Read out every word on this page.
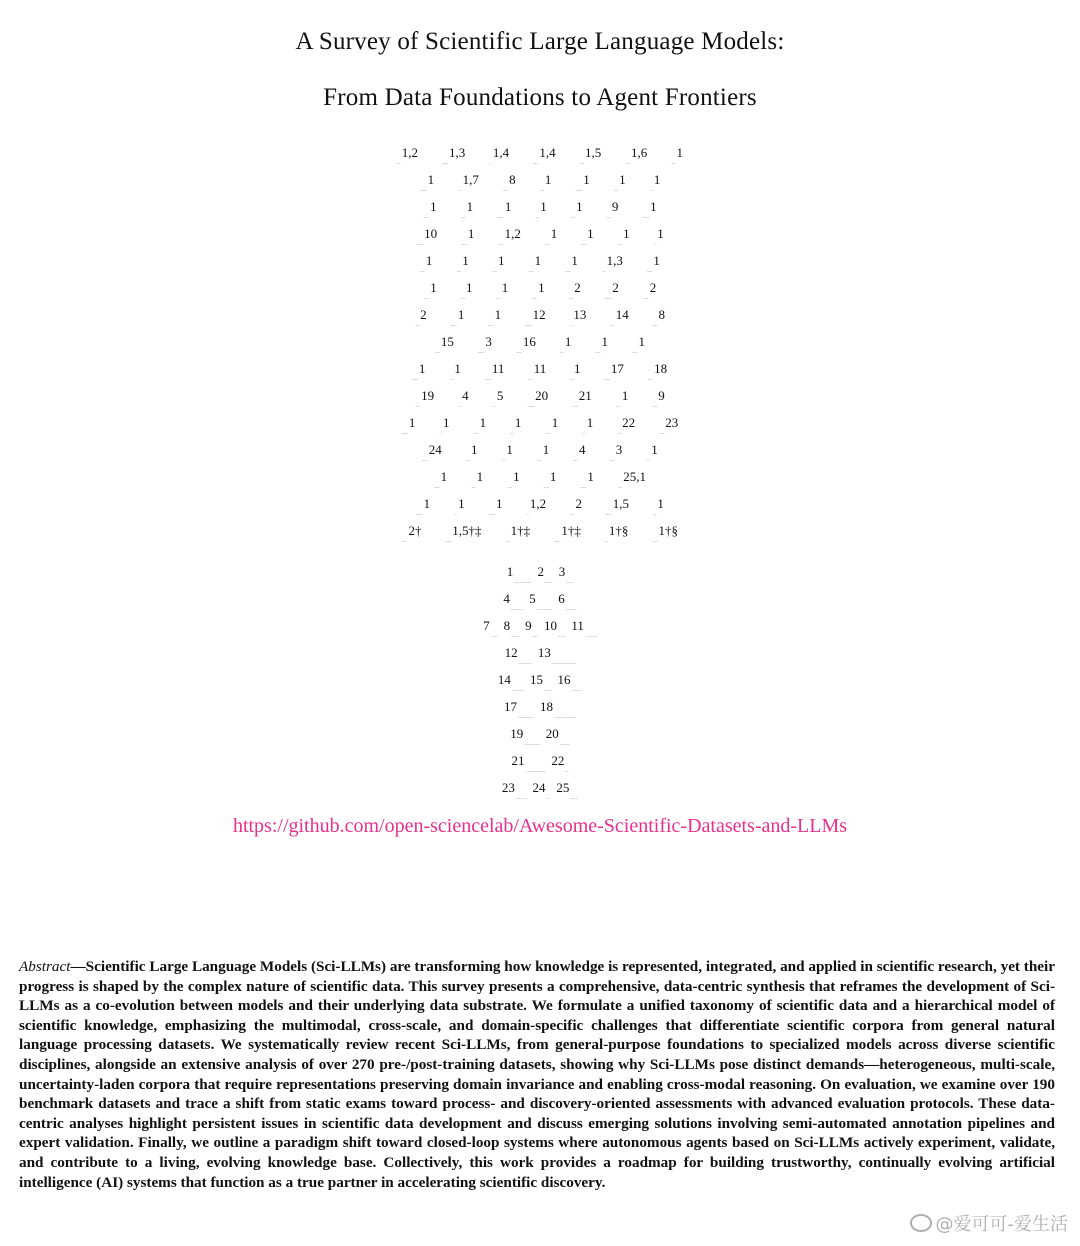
A Survey of Scientific Large Language Models:
From Data Foundations to Agent Frontiers
Ming Hu$^{1,2}$Chenglong Ma$^{1,3}$Wei Li$^{1,4}$Wanghan Xu$^{1,4}$Jiamin Wu$^{1,5}$Jucheng Hu$^{1,6}$Tianbin Li$^1$
Guohang Zhuang$^1$Jiaqi Liu$^{1,7}$Yingzhou Lu$^8$Ying Chen$^1$Chaoyang Zhang$^1$Cheng Tan$^1$Jie Ying$^1$
Guocheng Wu$^1$Shujian Gao$^1$Pengcheng Chen$^1$Jiashi Lin$^1$Haitao Wu$^1$Lulu Chen$^9$Fengxiang Wang$^1$
Yuanyuan Zhang$^{10}$Xiangyu Zhao$^1$Feilong Tang$^{1,2}$Encheng Su$^1$Junzhi Ning$^1$Xinyao Liu$^1$Ye Du$^1$
Changkai Ji$^1$Cheng Tang$^1$Huihui Xu$^1$Ziyang Chen$^1$Ziyan Huang$^1$Jiyao Liu$^{1,3}$Pengfei Jiang$^1$
Yizhou Wang$^1$Chen Tang$^1$Jianyu Wu$^1$Yuchen Ren$^1$Siyuan Yan$^2$Zhonghua Wang$^2$Zhongxing Xu$^2$
Shiyan Su$^2$Shangquan Sun$^1$Runkai Zhao$^1$Zhisheng Zhang$^{12}$Yu Liu$^{13}$Fudi Wang$^{14}$Yuanfeng Ji$^8$
Yanzhou Su$^{15}$Hongming Shan$^3$Chunmei Feng$^{16}$Jiahao Xu$^1$Jiangtao Yan$^1$Wenhao Tang$^1$
Diping Song$^1$Lihao Liu$^1$Yanyan Huang$^{11}$Lequan Yu$^{11}$Bin Fu$^1$Shujun Wang$^{17}$Xiaomeng Li$^{18}$
Xiaowei Hu$^{19}$Yun Gu$^4$Ben Fei$^5$Zhongying Deng$^{20}$Benyou Wang$^{21}$Yuewen Cao$^1$Minjie Shen$^9$
Haodong Duan$^1$Jie Xu$^1$Yirong Chen$^1$Fang Yan$^1$Hongxia Hao$^1$Jielan Li$^1$Jiajun Du$^{22}$Yanbo Wang$^{23}$
Imran Razzak$^{24}$Chi Zhang$^1$Lijun Wu$^1$Conghui He$^1$Zhaohui Lu$^4$Jinhai Huang$^3$Yihao Liu$^1$
Fenghua Ling$^1$Yuqiang Li$^1$Aoran Wang$^1$Qihao Zheng$^1$Nanqing Dong$^1$Tianfan Fu$^{25,1}$
Dongzhan Zhou$^1$Yan Lu$^1$Wenlong Zhang$^1$Jin Ye$^{1,2}$Jianfei Cai$^2$Wanli Ouyang$^{1,5}$Yu Qiao$^1$
Zongyuan $Ge^{2\dagger}Shixiang$ Tang$^{1,5\dagger\ddagger}$Junjun $He^{1\dagger\ddagger}Chunfeng$ Song$^{1\dagger\ddagger}$Lei Bai$^{1\dagger\S}$Bowen Zhou$^{1\dagger\S}$
$^1$Shanghai Artificial Intelligence Laboratory$^2$Monash University$^3$Fudan University
$^4$Shanghai Jiao Tong University$^5$The Chinese University of Hong Kong$^6$University College London
$^7$UNC-Chapel Hill$^8$Stanford University$^9$Virginia Tech$^{10}$Purdue University$^{11}$The University of Hong Kong
$^{12}$China Pharmaceutical University$^{13}$Beijing Institute of Heart, Lung and Blood Vessel Diseases
$^{14}$Chinese Academy of Sciences$^{15}$Fuzhou University$^{16}$University College Dublin
$^{17}$The Hong Kong Polytechnic University$^{18}$The Hong Kong University of Science and Technology
$^{19}$South China University of Technology$^{20}$University of Cambridge
$^{21}$The Chinese University of Hong Kong, Shenzhen$^{22}$Caltech
$^{23}$North University of China$^{24}$MBZUAI$^{25}$Nanjing University
https://github.com/open-sciencelab/Awesome-Scientific-Datasets-and-LLMs
Abstract—Scientific Large Language Models (Sci-LLMs) are transforming how knowledge is represented, integrated, and applied in scientific research, yet their progress is shaped by the complex nature of scientific data. This survey presents a comprehensive, data-centric synthesis that reframes the development of Sci-LLMs as a co-evolution between models and their underlying data substrate. We formulate a unified taxonomy of scientific data and a hierarchical model of scientific knowledge, emphasizing the multimodal, cross-scale, and domain-specific challenges that differentiate scientific corpora from general natural language processing datasets. We systematically review recent Sci-LLMs, from general-purpose foundations to specialized models across diverse scientific disciplines, alongside an extensive analysis of over 270 pre-/post-training datasets, showing why Sci-LLMs pose distinct demands—heterogeneous, multi-scale, uncertainty-laden corpora that require representations preserving domain invariance and enabling cross-modal reasoning. On evaluation, we examine over 190 benchmark datasets and trace a shift from static exams toward process- and discovery-oriented assessments with advanced evaluation protocols. These data-centric analyses highlight persistent issues in scientific data development and discuss emerging solutions involving semi-automated annotation pipelines and expert validation. Finally, we outline a paradigm shift toward closed-loop systems where autonomous agents based on Sci-LLMs actively experiment, validate, and contribute to a living, evolving knowledge base. Collectively, this work provides a roadmap for building trustworthy, continually evolving artificial intelligence (AI) systems that function as a true partner in accelerating scientific discovery.
@爱可可-爱生活
